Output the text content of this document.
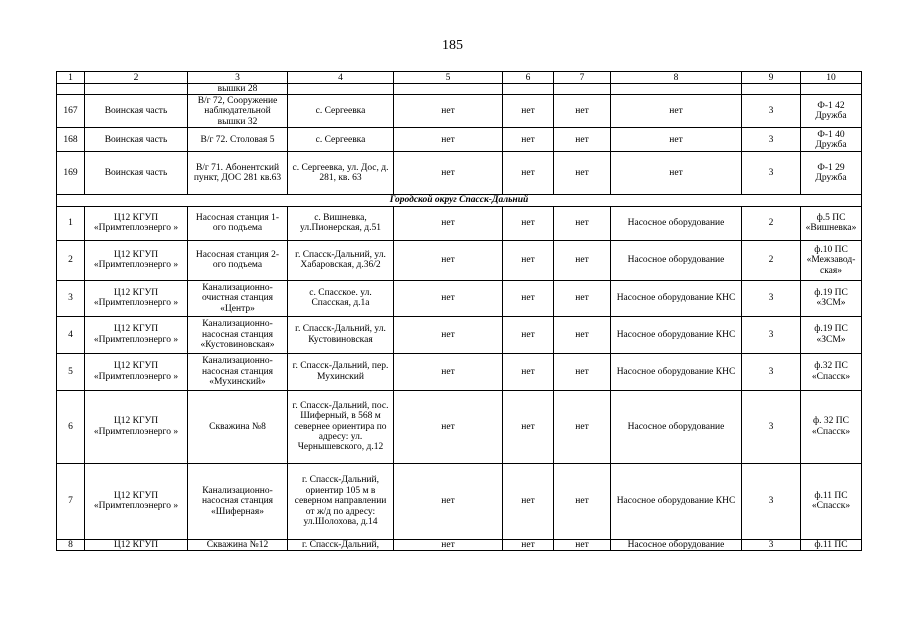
185
1	2	3	4	5	6	7	8	9	10
		вышки 28							
167	Воинская часть	В/г 72, Сооружение наблюдательной вышки 32	с. Сергеевка	нет	нет	нет	нет	3	Ф-1 42 Дружба
168	Воинская часть	В/г 72. Столовая 5	с. Сергеевка	нет	нет	нет	нет	3	Ф-1 40 Дружба
169	Воинская часть	В/г 71. Абонентский пункт, ДОС 281 кв.63	с. Сергеевка, ул. Дос, д. 281, кв. 63	нет	нет	нет	нет	3	Ф-1 29 Дружба
Городской округ Спасск-Дальний									
1	Ц12 КГУП «Примтеплоэнерго »	Насосная станция 1-ого подъема	с. Вишневка, ул.Пионерская, д.51	нет	нет	нет	Насосное оборудование	2	ф.5 ПС «Вишневка»
2	Ц12 КГУП «Примтеплоэнерго »	Насосная станция 2-ого подъема	г. Спасск-Дальний, ул. Хабаровская, д.36/2	нет	нет	нет	Насосное оборудование	2	ф.10 ПС «Межзавод-ская»
3	Ц12 КГУП «Примтеплоэнерго »	Канализационно-очистная станция «Центр»	с. Спасское. ул. Спасская, д.1а	нет	нет	нет	Насосное оборудование КНС	3	ф.19 ПС «ЗСМ»
4	Ц12 КГУП «Примтеплоэнерго »	Канализационно-насосная станция «Кустовиновская»	г. Спасск-Дальний, ул. Кустовиновская	нет	нет	нет	Насосное оборудование КНС	3	ф.19 ПС «ЗСМ»
5	Ц12 КГУП «Примтеплоэнерго »	Канализационно-насосная станция «Мухинский»	г. Спасск-Дальний, пер. Мухинский	нет	нет	нет	Насосное оборудование КНС	3	ф.32 ПС «Спасск»
6	Ц12 КГУП «Примтеплоэнерго »	Скважина №8	г. Спасск-Дальний, пос. Шиферный, в 568 м севернее ориентира по адресу: ул. Чернышевского, д.12	нет	нет	нет	Насосное оборудование	3	ф. 32 ПС «Спасск»
7	Ц12 КГУП «Примтеплоэнерго »	Канализационно-насосная станция «Шиферная»	г. Спасск-Дальний, ориентир 105 м в северном направлении от ж/д по адресу: ул.Шолохова, д.14	нет	нет	нет	Насосное оборудование КНС	3	ф.11 ПС «Спасск»
8	Ц12 КГУП	Скважина №12	г. Спасск-Дальний,	нет	нет	нет	Насосное оборудование	3	ф.11 ПС
